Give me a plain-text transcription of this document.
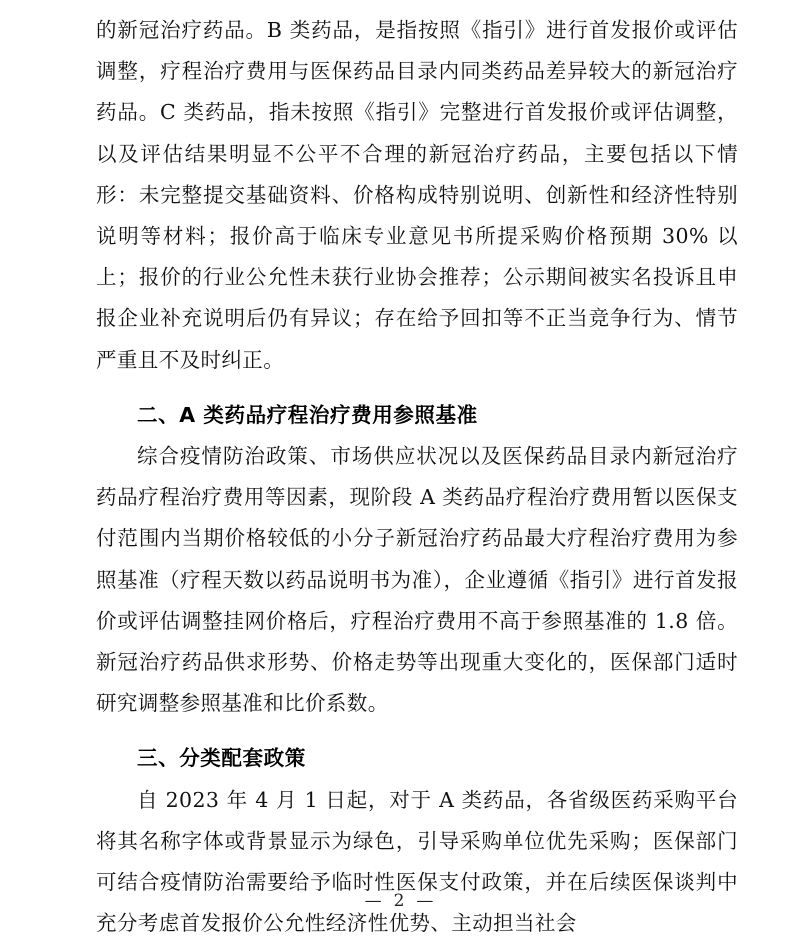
的新冠治疗药品。B 类药品，是指按照《指引》进行首发报价或评估调整，疗程治疗费用与医保药品目录内同类药品差异较大的新冠治疗药品。C 类药品，指未按照《指引》完整进行首发报价或评估调整，以及评估结果明显不公平不合理的新冠治疗药品，主要包括以下情形：未完整提交基础资料、价格构成特别说明、创新性和经济性特别说明等材料；报价高于临床专业意见书所提采购价格预期 30% 以上；报价的行业公允性未获行业协会推荐；公示期间被实名投诉且申报企业补充说明后仍有异议；存在给予回扣等不正当竞争行为、情节严重且不及时纠正。

二、A 类药品疗程治疗费用参照基准

综合疫情防治政策、市场供应状况以及医保药品目录内新冠治疗药品疗程治疗费用等因素，现阶段 A 类药品疗程治疗费用暂以医保支付范围内当期价格较低的小分子新冠治疗药品最大疗程治疗费用为参照基准（疗程天数以药品说明书为准），企业遵循《指引》进行首发报价或评估调整挂网价格后，疗程治疗费用不高于参照基准的 1.8 倍。新冠治疗药品供求形势、价格走势等出现重大变化的，医保部门适时研究调整参照基准和比价系数。

三、分类配套政策

自 2023 年 4 月 1 日起，对于 A 类药品，各省级医药采购平台将其名称字体或背景显示为绿色，引导采购单位优先采购；医保部门可结合疫情防治需要给予临时性医保支付政策，并在后续医保谈判中充分考虑首发报价公允性经济性优势、主动担当社会

— 2 —
